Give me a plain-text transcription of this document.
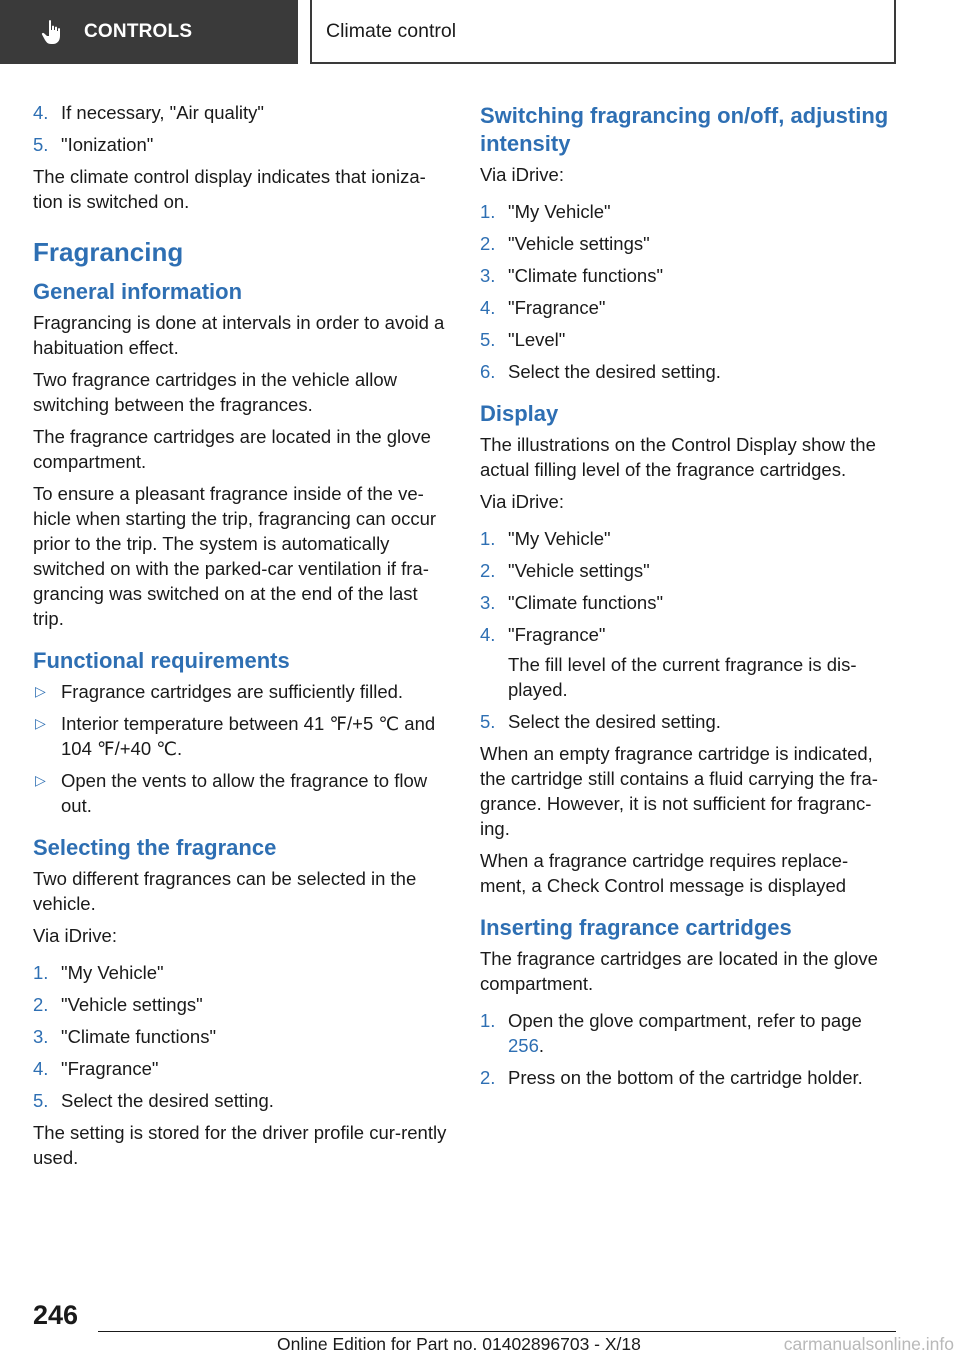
CONTROLS	Climate control
4. If necessary, "Air quality"
5. "Ionization"

The climate control display indicates that ioniza-tion is switched on.

Fragrancing
General information

Fragrancing is done at intervals in order to avoid a habituation effect.

Two fragrance cartridges in the vehicle allow switching between the fragrances.

The fragrance cartridges are located in the glove compartment.

To ensure a pleasant fragrance inside of the ve-hicle when starting the trip, fragrancing can occur prior to the trip. The system is automatically switched on with the parked-car ventilation if fra-grancing was switched on at the end of the last trip.

Functional requirements
▷ Fragrance cartridges are sufficiently filled.
▷ Interior temperature between 41 ℉/+5 ℃ and 104 ℉/+40 ℃.
▷ Open the vents to allow the fragrance to flow out.
Selecting the fragrance

Two different fragrances can be selected in the vehicle.

Via iDrive:

1. "My Vehicle"
2. "Vehicle settings"
3. "Climate functions"
4. "Fragrance"
5. Select the desired setting.

The setting is stored for the driver profile cur-rently used.

Switching fragrancing on/off, adjusting intensity

Via iDrive:

1. "My Vehicle"
2. "Vehicle settings"
3. "Climate functions"
4. "Fragrance"
5. "Level"
6. Select the desired setting.
Display

The illustrations on the Control Display show the actual filling level of the fragrance cartridges.

Via iDrive:

1. "My Vehicle"
2. "Vehicle settings"
3. "Climate functions"
4. "Fragrance"

The fill level of the current fragrance is dis-played.

5. Select the desired setting.

When an empty fragrance cartridge is indicated, the cartridge still contains a fluid carrying the fra-grance. However, it is not sufficient for fragranc-ing.

When a fragrance cartridge requires replace-ment, a Check Control message is displayed

Inserting fragrance cartridges

The fragrance cartridges are located in the glove compartment.

1. Open the glove compartment, refer to page 256.
2. Press on the bottom of the cartridge holder.
246
Online Edition for Part no. 01402896703 - X/18	carmanualsonline.info
